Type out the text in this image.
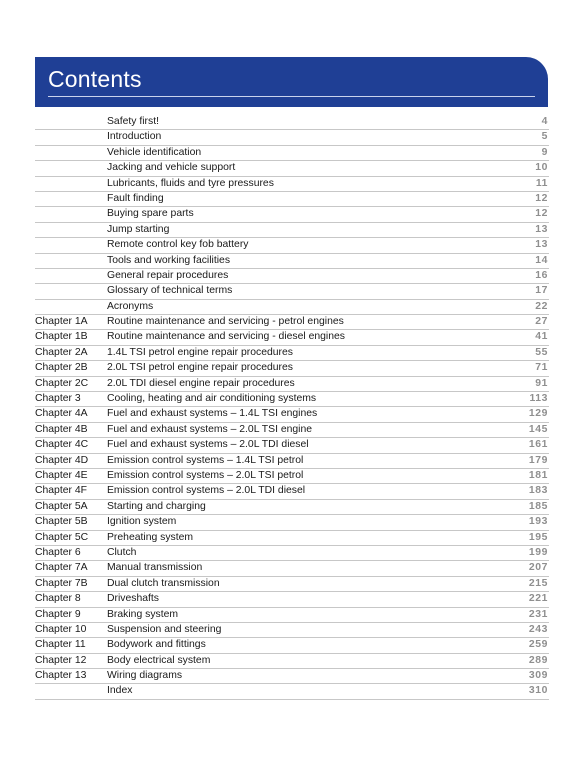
Contents
Safety first!	4
Introduction	5
Vehicle identification	9
Jacking and vehicle support	10
Lubricants, fluids and tyre pressures	11
Fault finding	12
Buying spare parts	12
Jump starting	13
Remote control key fob battery	13
Tools and working facilities	14
General repair procedures	16
Glossary of technical terms	17
Acronyms	22
Chapter 1A Routine maintenance and servicing - petrol engines	27
Chapter 1B Routine maintenance and servicing - diesel engines	41
Chapter 2A 1.4L TSI petrol engine repair procedures	55
Chapter 2B 2.0L TSI petrol engine repair procedures	71
Chapter 2C 2.0L TDI diesel engine repair procedures	91
Chapter 3	Cooling, heating and air conditioning systems	113
Chapter 4A Fuel and exhaust systems – 1.4L TSI engines	129
Chapter 4B Fuel and exhaust systems – 2.0L TSI engine	145
Chapter 4C Fuel and exhaust systems – 2.0L TDI diesel	161
Chapter 4D Emission control systems – 1.4L TSI petrol	179
Chapter 4E Emission control systems – 2.0L TSI petrol	181
Chapter 4F Emission control systems – 2.0L TDI diesel	183
Chapter 5A Starting and charging	185
Chapter 5B Ignition system	193
Chapter 5C Preheating system	195
Chapter 6	Clutch	199
Chapter 7A Manual transmission	207
Chapter 7B Dual clutch transmission	215
Chapter 8	Driveshafts	221
Chapter 9	Braking system	231
Chapter 10 Suspension and steering	243
Chapter 11 Bodywork and fittings	259
Chapter 12 Body electrical system	289
Chapter 13 Wiring diagrams	309
Index	310
